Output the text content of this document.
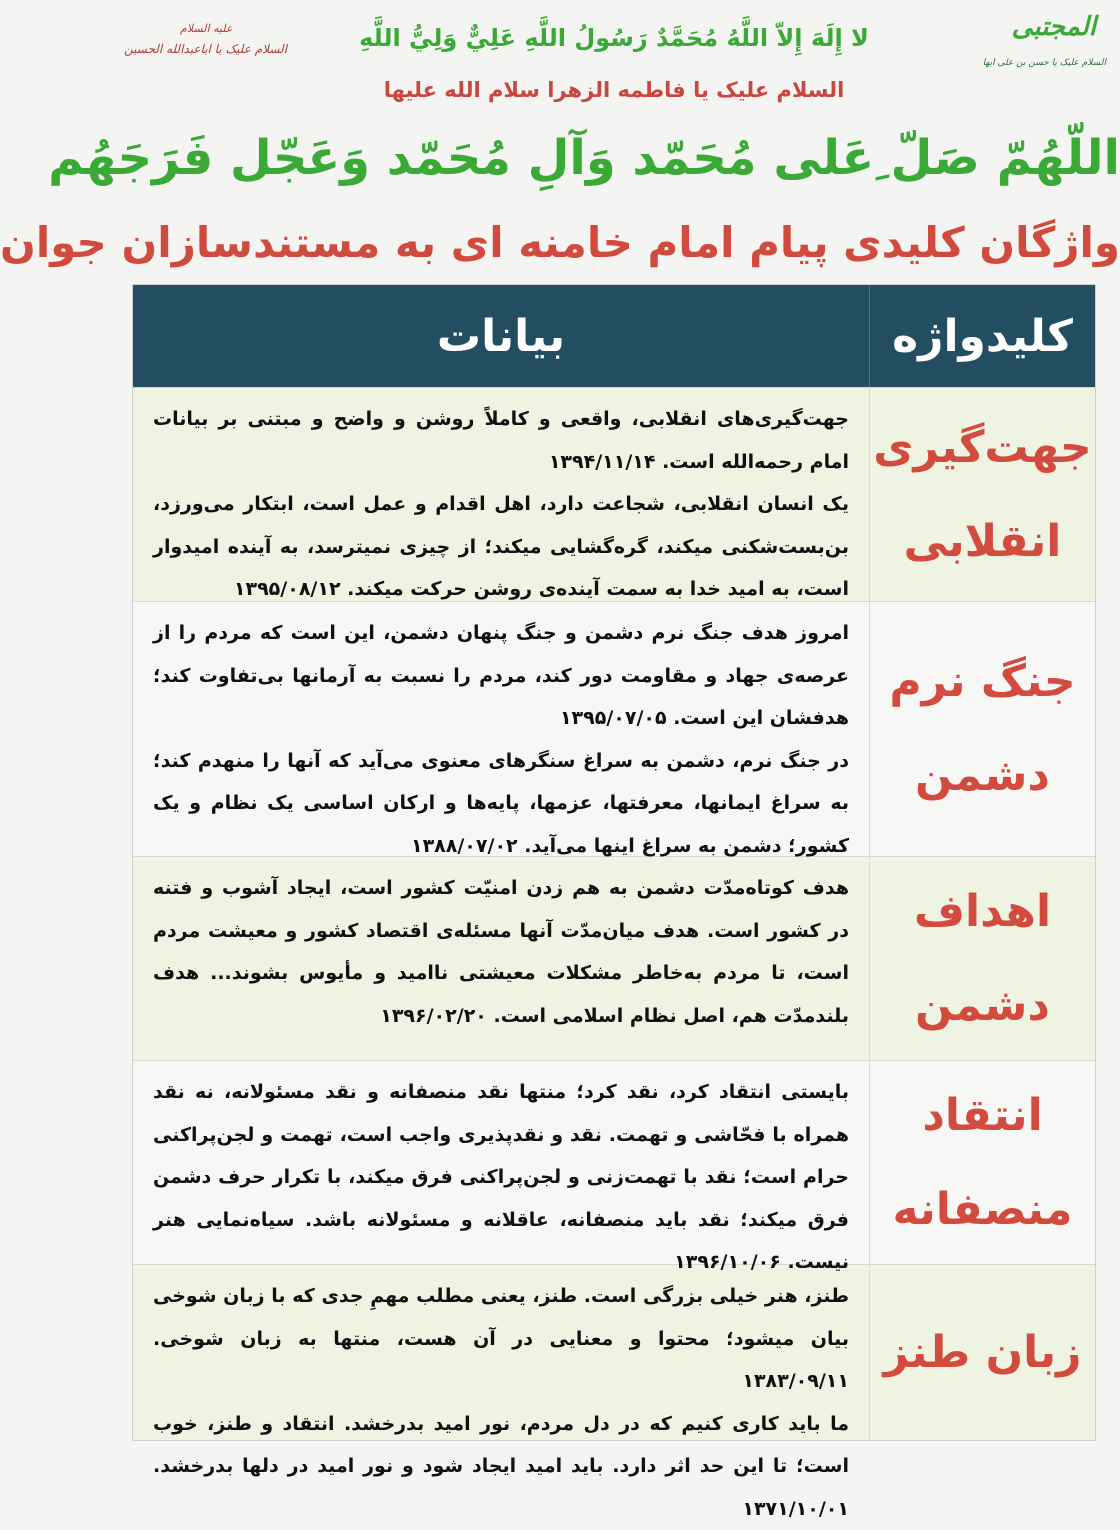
المجتبی
السلام علیک یا حسن بن علی ایها
علیه السلام
السلام علیک یا اباعبدالله الحسین	لا إِلَهَ إِلاّ اللَّهُ مُحَمَّدٌ رَسُولُ اللَّهِ عَلِيٌّ وَلِيُّ اللَّهِ
السلام علیک یا فاطمه الزهرا سلام الله علیها
اللّهُمّ صَلّ ِعَلی مُحَمّد وَآلِ مُحَمّد وَعَجّل فَرَجَهُم
واژگان کلیدی پیام امام خامنه ای به مستندسازان جوان
کلیدواژه
بیانات
جهت‌گیری انقلابی
جهت‌گیری‌های انقلابی، واقعی و کاملاً روشن و واضح و مبتنی بر بیانات امام رحمه‌الله است. ۱۳۹۴/۱۱/۱۴
یک انسان انقلابی، شجاعت دارد، اهل اقدام و عمل است، ابتکار می‌ورزد، بن‌بست‌شکنی میکند، گره‌گشایی میکند؛ از چیزی نمیترسد، به آینده امیدوار است، به امید خدا به سمت آینده‌ی روشن حرکت میکند. ۱۳۹۵/۰۸/۱۲
جنگ نرم دشمن
امروز هدف جنگ نرم دشمن و جنگ پنهان دشمن، این است که مردم را از عرصه‌ی جهاد و مقاومت دور کند، مردم را نسبت به آرمانها بی‌تفاوت کند؛ هدفشان این است. ۱۳۹۵/۰۷/۰۵
در جنگ نرم، دشمن به سراغ سنگرهای معنوی می‌آید که آنها را منهدم کند؛ به سراغ ایمانها، معرفتها، عزمها، پایه‌ها و ارکان اساسی یک نظام و یک کشور؛ دشمن به سراغ اینها می‌آید. ۱۳۸۸/۰۷/۰۲
اهداف دشمن
هدف کوتاه‌مدّت دشمن به هم زدن امنیّت کشور است، ایجاد آشوب و فتنه در کشور است. هدف میان‌مدّت آنها مسئله‌ی اقتصاد کشور و معیشت مردم است، تا مردم به‌خاطر مشکلات معیشتی ناامید و مأیوس بشوند... هدف بلندمدّت هم، اصل نظام اسلامی است. ۱۳۹۶/۰۲/۲۰
انتقاد منصفانه
بایستی انتقاد کرد، نقد کرد؛ منتها نقد منصفانه و نقد مسئولانه، نه نقد همراه با فحّاشی و تهمت. نقد و نقدپذیری واجب است، تهمت و لجن‌پراکنی حرام است؛ نقد با تهمت‌زنی و لجن‌پراکنی فرق میکند، با تکرار حرف دشمن فرق میکند؛ نقد باید منصفانه، عاقلانه و مسئولانه باشد. سیاه‌نمایی هنر نیست. ۱۳۹۶/۱۰/۰۶
زبان طنز
طنز، هنر خیلی بزرگی است. طنز، یعنی مطلب مهمِ جدی که با زبان شوخی بیان میشود؛ محتوا و معنایی در آن هست، منتها به زبان شوخی. ۱۳۸۳/۰۹/۱۱
ما باید کاری کنیم که در دل مردم، نور امید بدرخشد. انتقاد و طنز، خوب است؛ تا این حد اثر دارد. باید امید ایجاد شود و نور امید در دلها بدرخشد. ۱۳۷۱/۱۰/۰۱
